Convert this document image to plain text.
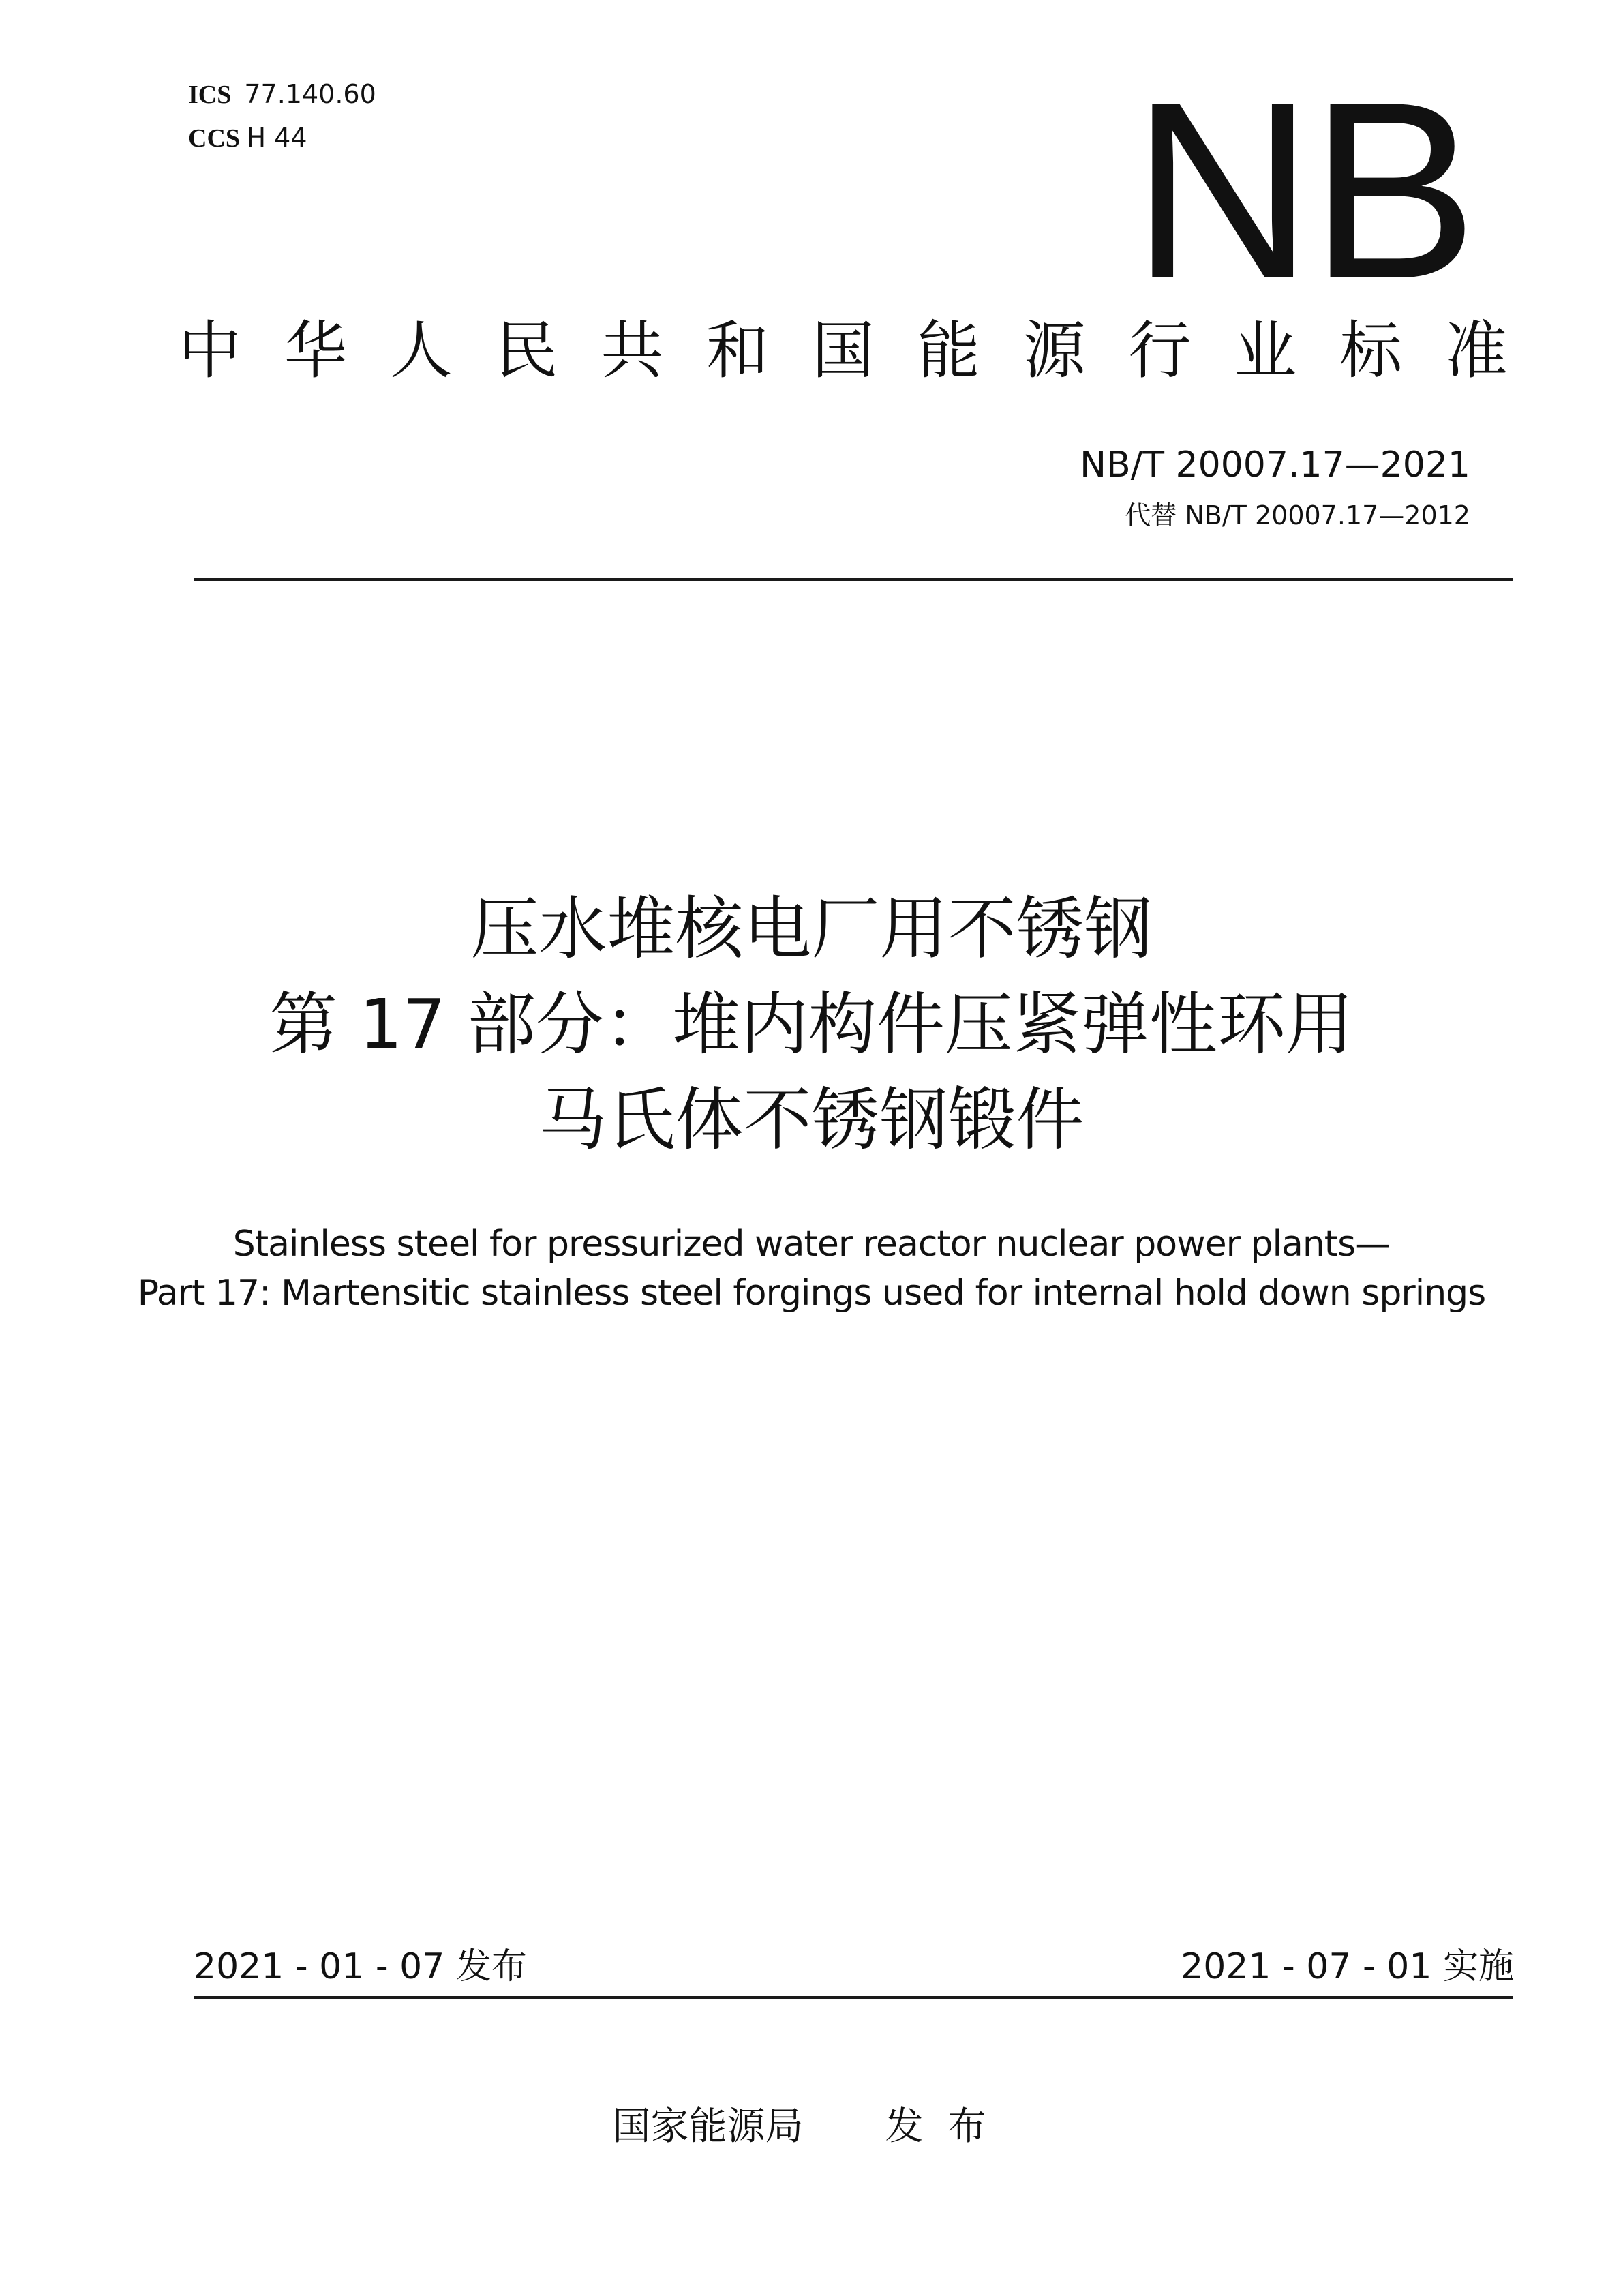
ICS 77.140.60
CCS H 44	NB
中 华 人 民 共 和 国 能 源 行 业 标 准
NB/T 20007.17—2021
代替 NB/T 20007.17—2012
压水堆核电厂用不锈钢
第 17 部分：堆内构件压紧弹性环用
马氏体不锈钢锻件
Stainless steel for pressurized water reactor nuclear power plants—
Part 17: Martensitic stainless steel forgings used for internal hold down springs
2021 - 01 - 07 发布	2021 - 07 - 01 实施
国家能源局 发布
